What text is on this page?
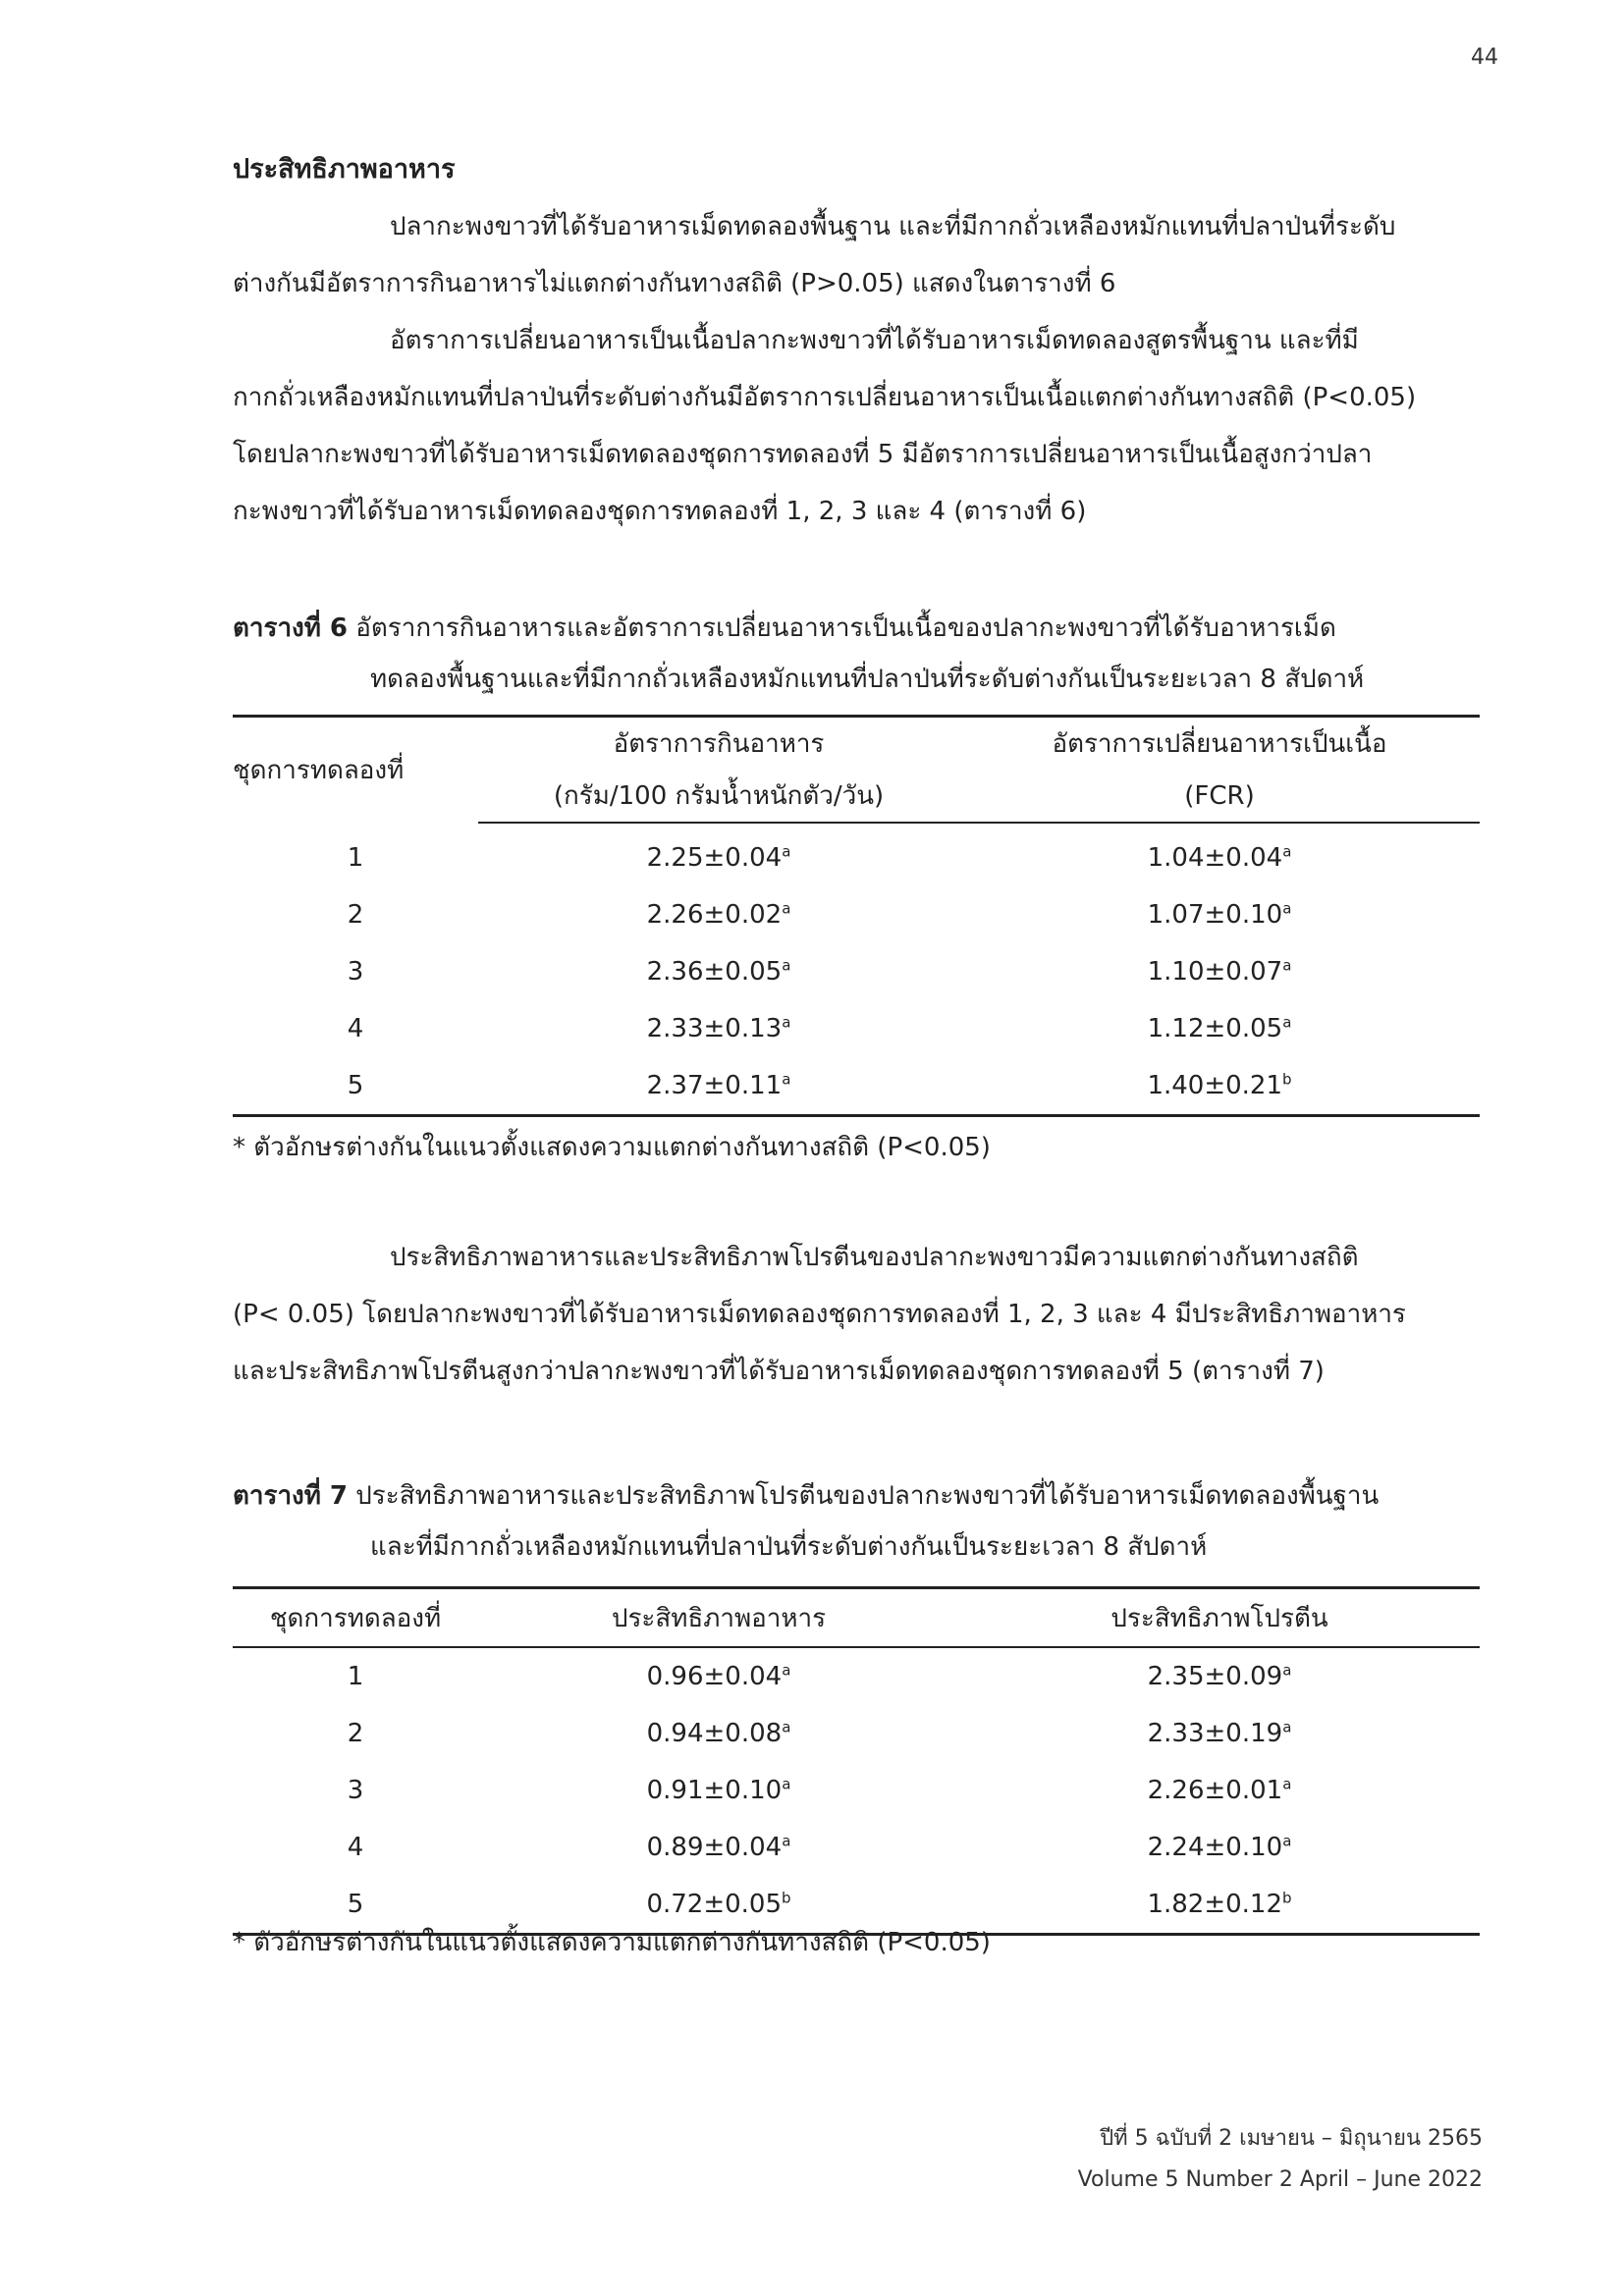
44
ประสิทธิภาพอาหาร

ปลากะพงขาวที่ได้รับอาหารเม็ดทดลองพื้นฐาน และที่มีกากถั่วเหลืองหมักแทนที่ปลาป่นที่ระดับ
ต่างกันมีอัตราการกินอาหารไม่แตกต่างกันทางสถิติ (P>0.05) แสดงในตารางที่ 6

อัตราการเปลี่ยนอาหารเป็นเนื้อปลากะพงขาวที่ได้รับอาหารเม็ดทดลองสูตรพื้นฐาน และที่มี
กากถั่วเหลืองหมักแทนที่ปลาป่นที่ระดับต่างกันมีอัตราการเปลี่ยนอาหารเป็นเนื้อแตกต่างกันทางสถิติ (P<0.05)
โดยปลากะพงขาวที่ได้รับอาหารเม็ดทดลองชุดการทดลองที่ 5 มีอัตราการเปลี่ยนอาหารเป็นเนื้อสูงกว่าปลา
กะพงขาวที่ได้รับอาหารเม็ดทดลองชุดการทดลองที่ 1, 2, 3 และ 4 (ตารางที่ 6)

ตารางที่ 6 อัตราการกินอาหารและอัตราการเปลี่ยนอาหารเป็นเนื้อของปลากะพงขาวที่ได้รับอาหารเม็ด
ทดลองพื้นฐานและที่มีกากถั่วเหลืองหมักแทนที่ปลาป่นที่ระดับต่างกันเป็นระยะเวลา 8 สัปดาห์
ชุดการทดลองที่	อัตราการกินอาหาร	อัตราการเปลี่ยนอาหารเป็นเนื้อ
	(กรัม/100 กรัมน้ำหนักตัว/วัน)	(FCR)
1	2.25±0.04$^a$	1.04±0.04$^a$
2	2.26±0.02$^a$	1.07±0.10$^a$
3	2.36±0.05$^a$	1.10±0.07$^a$
4	2.33±0.13$^a$	1.12±0.05$^a$
5	2.37±0.11$^a$	1.40±0.21$^b$
* ตัวอักษรต่างกันในแนวตั้งแสดงความแตกต่างกันทางสถิติ (P<0.05)

ประสิทธิภาพอาหารและประสิทธิภาพโปรตีนของปลากะพงขาวมีความแตกต่างกันทางสถิติ
(P< 0.05) โดยปลากะพงขาวที่ได้รับอาหารเม็ดทดลองชุดการทดลองที่ 1, 2, 3 และ 4 มีประสิทธิภาพอาหาร
และประสิทธิภาพโปรตีนสูงกว่าปลากะพงขาวที่ได้รับอาหารเม็ดทดลองชุดการทดลองที่ 5 (ตารางที่ 7)

ตารางที่ 7 ประสิทธิภาพอาหารและประสิทธิภาพโปรตีนของปลากะพงขาวที่ได้รับอาหารเม็ดทดลองพื้นฐาน
และที่มีกากถั่วเหลืองหมักแทนที่ปลาป่นที่ระดับต่างกันเป็นระยะเวลา 8 สัปดาห์
ชุดการทดลองที่	ประสิทธิภาพอาหาร	ประสิทธิภาพโปรตีน
1	0.96±0.04$^a$	2.35±0.09$^a$
2	0.94±0.08$^a$	2.33±0.19$^a$
3	0.91±0.10$^a$	2.26±0.01$^a$
4	0.89±0.04$^a$	2.24±0.10$^a$
5	0.72±0.05$^b$	1.82±0.12$^b$
* ตัวอักษรต่างกันในแนวตั้งแสดงความแตกต่างกันทางสถิติ (P<0.05)
ปีที่ 5 ฉบับที่ 2 เมษายน – มิถุนายน 2565
Volume 5 Number 2 April – June 2022
